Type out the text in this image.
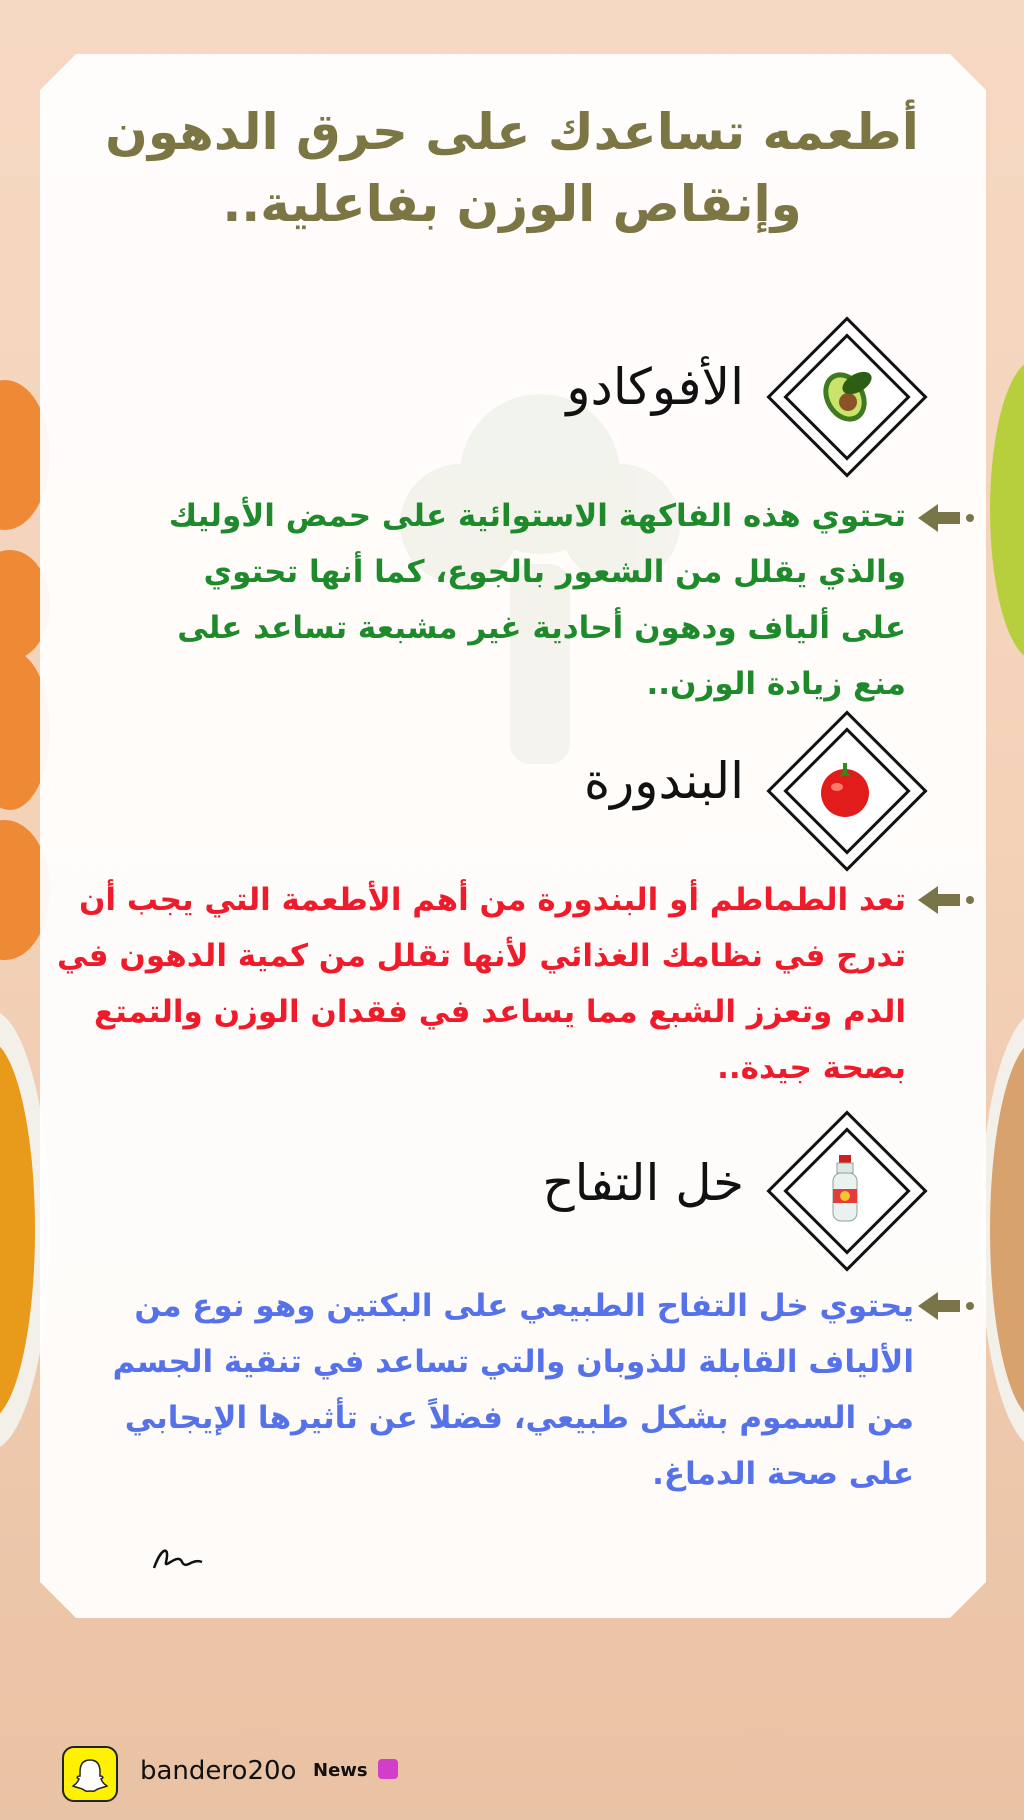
أطعمه تساعدك على حرق الدهون وإنقاص الوزن بفاعلية..
الأفوكادو
تحتوي هذه الفاكهة الاستوائية على حمض الأوليك والذي يقلل من الشعور بالجوع، كما أنها تحتوي على ألياف ودهون أحادية غير مشبعة تساعد على منع زيادة الوزن..
البندورة
تعد الطماطم أو البندورة من أهم الأطعمة التي يجب أن تدرج في نظامك الغذائي لأنها تقلل من كمية الدهون في الدم وتعزز الشبع مما يساعد في فقدان الوزن والتمتع بصحة جيدة..
خل التفاح
يحتوي خل التفاح الطبيعي على البكتين وهو نوع من الألياف القابلة للذوبان والتي تساعد في تنقية الجسم من السموم بشكل طبيعي، فضلاً عن تأثيرها الإيجابي على صحة الدماغ.
bandero20o News
